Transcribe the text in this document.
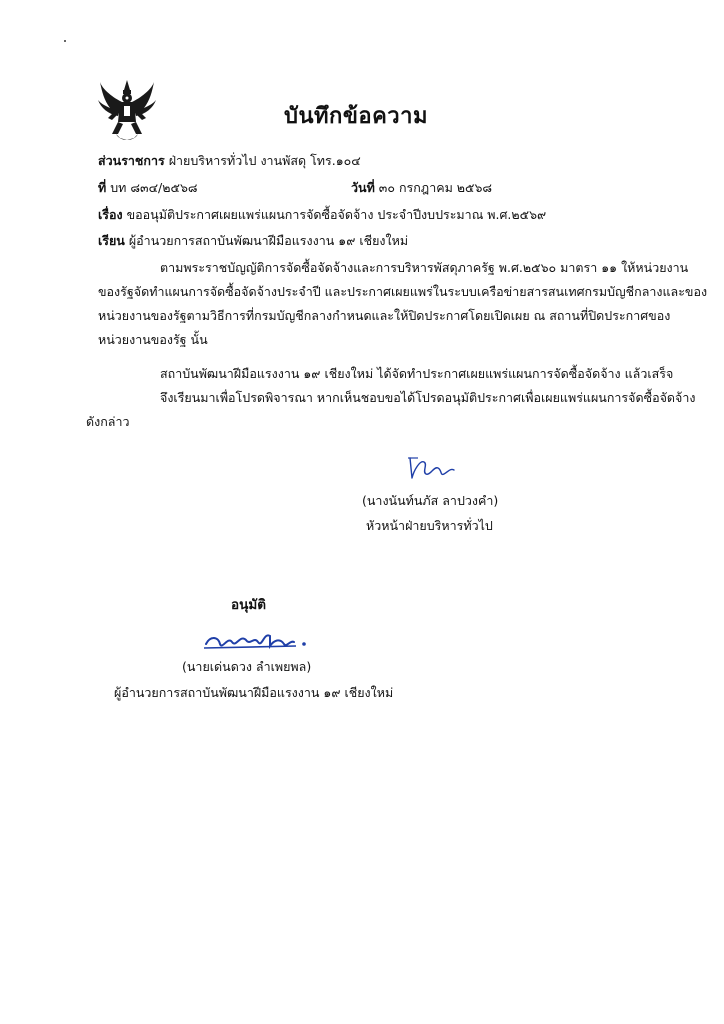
บันทึกข้อความ
ส่วนราชการ ฝ่ายบริหารทั่วไป งานพัสดุ โทร.๑๐๔
ที่ บท ๘๓๔/๒๕๖๘	วันที่ ๓๐ กรกฎาคม ๒๕๖๘
เรื่อง ขออนุมัติประกาศเผยแพร่แผนการจัดซื้อจัดจ้าง ประจำปีงบประมาณ พ.ศ.๒๕๖๙
เรียน ผู้อำนวยการสถาบันพัฒนาฝีมือแรงงาน ๑๙ เชียงใหม่
ตามพระราชบัญญัติการจัดซื้อจัดจ้างและการบริหารพัสดุภาครัฐ พ.ศ.๒๕๖๐ มาตรา ๑๑ ให้หน่วยงาน
ของรัฐจัดทำแผนการจัดซื้อจัดจ้างประจำปี และประกาศเผยแพร่ในระบบเครือข่ายสารสนเทศกรมบัญชีกลางและของ
หน่วยงานของรัฐตามวิธีการที่กรมบัญชีกลางกำหนดและให้ปิดประกาศโดยเปิดเผย ณ สถานที่ปิดประกาศของ
หน่วยงานของรัฐ นั้น
สถาบันพัฒนาฝีมือแรงงาน ๑๙ เชียงใหม่ ได้จัดทำประกาศเผยแพร่แผนการจัดซื้อจัดจ้าง แล้วเสร็จ
จึงเรียนมาเพื่อโปรดพิจารณา หากเห็นชอบขอได้โปรดอนุมัติประกาศเพื่อเผยแพร่แผนการจัดซื้อจัดจ้าง
ดังกล่าว
(นางนันท์นภัส ลาปวงคำ)
หัวหน้าฝ่ายบริหารทั่วไป
อนุมัติ
(นายเด่นดวง ลำเพยพล)
ผู้อำนวยการสถาบันพัฒนาฝีมือแรงงาน ๑๙ เชียงใหม่
